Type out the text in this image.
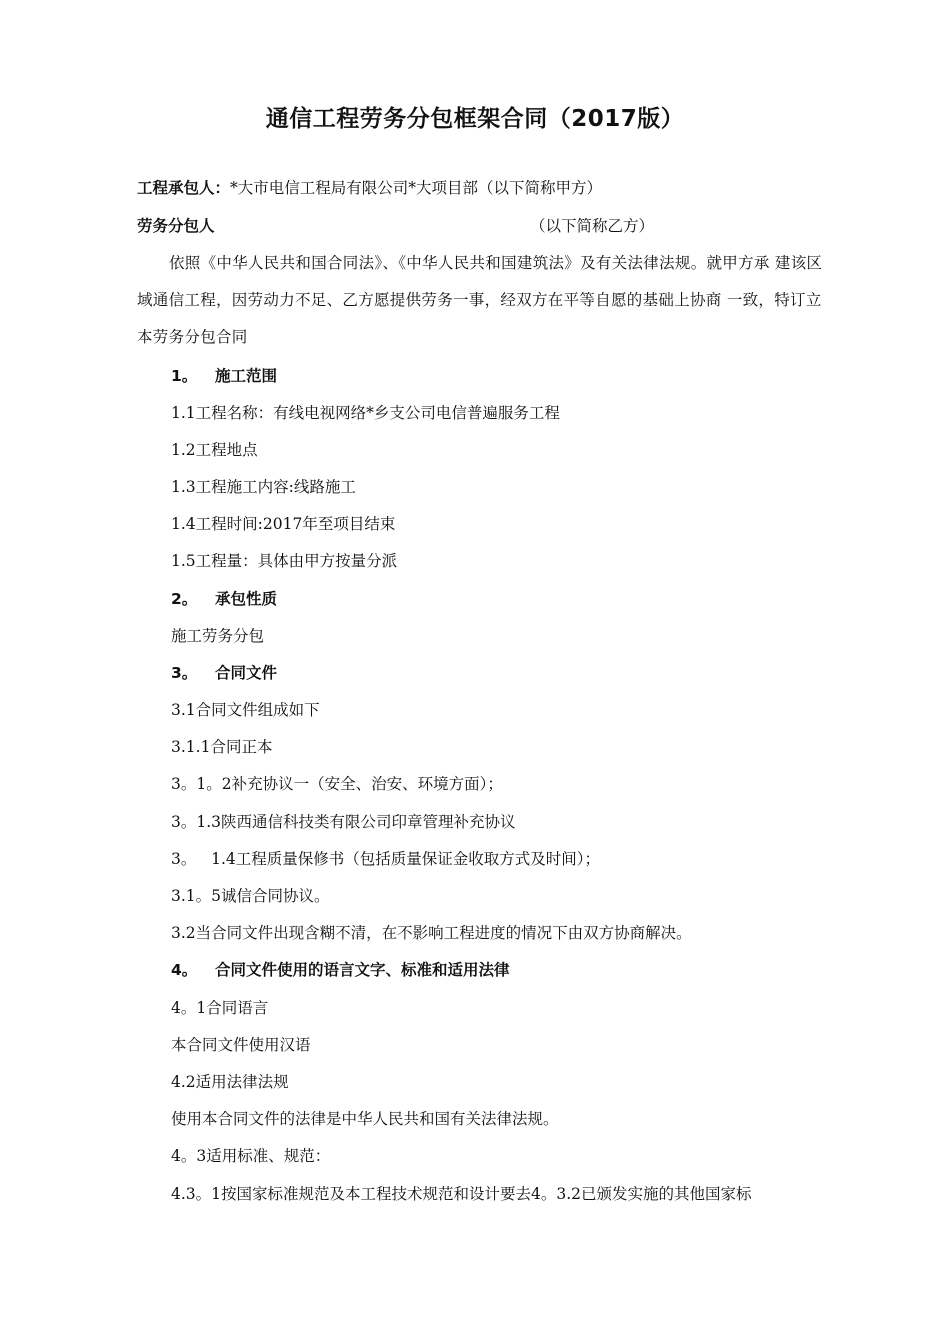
通信工程劳务分包框架合同（2017版）
工程承包人：*大市电信工程局有限公司*大项目部（以下简称甲方）
劳务分包人	（以下简称乙方）
依照《中华人民共和国合同法》、《中华人民共和国建筑法》及有关法律法规。就甲方承 建该区域通信工程，因劳动力不足、乙方愿提供劳务一事，经双方在平等自愿的基础上协商 一致，特订立本劳务分包合同
1。 施工范围
1.1工程名称：有线电视网络*乡支公司电信普遍服务工程
1.2工程地点
1.3工程施工内容:线路施工
1.4工程时间:2017年至项目结束
1.5工程量：具体由甲方按量分派
2。 承包性质
施工劳务分包
3。 合同文件
3.1合同文件组成如下
3.1.1合同正本
3。1。2补充协议一（安全、治安、环境方面）；
3。1.3陕西通信科技类有限公司印章管理补充协议
3。   1.4工程质量保修书（包括质量保证金收取方式及时间）；
3.1。5诚信合同协议。
3.2当合同文件出现含糊不清，在不影响工程进度的情况下由双方协商解决。
4。 合同文件使用的语言文字、标准和适用法律
4。1合同语言
本合同文件使用汉语
4.2适用法律法规
使用本合同文件的法律是中华人民共和国有关法律法规。
4。3适用标准、规范：
4.3。1按国家标准规范及本工程技术规范和设计要去4。3.2已颁发实施的其他国家标
